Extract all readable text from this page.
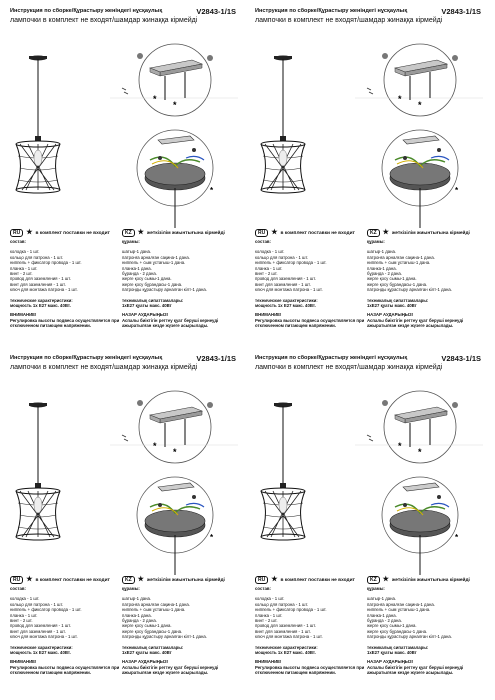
Инструкция по сборке/Құрастыру женіндегі нұсқаулық	V2843-1/1S
лампочки в комплект не входят/шамдар жинаққа кірмейді
*
*
*
RU ★ в комплект поставки не входит	KZ ★ жеткізілім жиынтығына кірмейді
состав:
колодка - 1 шт.
кольцо для патрона - 1 шт.
ниппель + фиксатор провода - 1 шт.
планка - 1 шт.
винт - 2 шт.
провод для заземления - 1 шт.
винт для заземления - 1 шт.
ключ для монтажа патрона - 1 шт.
технические характеристики:
мощность 1x E27 макс. 40Вт.
ВНИМАНИЕ!
Регулировка высоты подвеса осуществляется при отключенном питающем напряжении.
құрамы:
шатыр-1 дана.
патронға арналған сақина-1 дана.
ниппель + сым ұстағыш-1 дана.
планка-1 дана.
бұранда - 2 дана.
жерге қосу сымы-1 дана.
жерге қосу бұрандасы-1 дана.
патронды құрастыру арналған кілт-1 дана.
техникалық сипаттамалары:
1хЕ27 қуаты макс. 40Вт
НАЗАР АУДАРЫҢЫЗ!
Аспалы биіктігін реттеу қуат беруші кернеуді ажыратылған кезде жүзеге асырылады.
Инструкция по сборке/Құрастыру женіндегі нұсқаулық	V2843-1/1S
лампочки в комплект не входят/шамдар жинаққа кірмейді
*
*
*
RU ★ в комплект поставки не входит	KZ ★ жеткізілім жиынтығына кірмейді
состав:
колодка - 1 шт.
кольцо для патрона - 1 шт.
ниппель + фиксатор провода - 1 шт.
планка - 1 шт.
винт - 2 шт.
провод для заземления - 1 шт.
винт для заземления - 1 шт.
ключ для монтажа патрона - 1 шт.
технические характеристики:
мощность 1x E27 макс. 40Вт.
ВНИМАНИЕ!
Регулировка высоты подвеса осуществляется при отключенном питающем напряжении.
құрамы:
шатыр-1 дана.
патронға арналған сақина-1 дана.
ниппель + сым ұстағыш-1 дана.
планка-1 дана.
бұранда - 2 дана.
жерге қосу сымы-1 дана.
жерге қосу бұрандасы-1 дана.
патронды құрастыру арналған кілт-1 дана.
техникалық сипаттамалары:
1хЕ27 қуаты макс. 40Вт
НАЗАР АУДАРЫҢЫЗ!
Аспалы биіктігін реттеу қуат беруші кернеуді ажыратылған кезде жүзеге асырылады.
Инструкция по сборке/Құрастыру женіндегі нұсқаулық	V2843-1/1S
лампочки в комплект не входят/шамдар жинаққа кірмейді
*
*
*
RU ★ в комплект поставки не входит	KZ ★ жеткізілім жиынтығына кірмейді
состав:
колодка - 1 шт.
кольцо для патрона - 1 шт.
ниппель + фиксатор провода - 1 шт.
планка - 1 шт.
винт - 2 шт.
провод для заземления - 1 шт.
винт для заземления - 1 шт.
ключ для монтажа патрона - 1 шт.
технические характеристики:
мощность 1x E27 макс. 40Вт.
ВНИМАНИЕ!
Регулировка высоты подвеса осуществляется при отключенном питающем напряжении.
құрамы:
шатыр-1 дана.
патронға арналған сақина-1 дана.
ниппель + сым ұстағыш-1 дана.
планка-1 дана.
бұранда - 2 дана.
жерге қосу сымы-1 дана.
жерге қосу бұрандасы-1 дана.
патронды құрастыру арналған кілт-1 дана.
техникалық сипаттамалары:
1хЕ27 қуаты макс. 40Вт
НАЗАР АУДАРЫҢЫЗ!
Аспалы биіктігін реттеу қуат беруші кернеуді ажыратылған кезде жүзеге асырылады.
Инструкция по сборке/Құрастыру женіндегі нұсқаулық	V2843-1/1S
лампочки в комплект не входят/шамдар жинаққа кірмейді
*
*
*
RU ★ в комплект поставки не входит	KZ ★ жеткізілім жиынтығына кірмейді
состав:
колодка - 1 шт.
кольцо для патрона - 1 шт.
ниппель + фиксатор провода - 1 шт.
планка - 1 шт.
винт - 2 шт.
провод для заземления - 1 шт.
винт для заземления - 1 шт.
ключ для монтажа патрона - 1 шт.
технические характеристики:
мощность 1x E27 макс. 40Вт.
ВНИМАНИЕ!
Регулировка высоты подвеса осуществляется при отключенном питающем напряжении.
құрамы:
шатыр-1 дана.
патронға арналған сақина-1 дана.
ниппель + сым ұстағыш-1 дана.
планка-1 дана.
бұранда - 2 дана.
жерге қосу сымы-1 дана.
жерге қосу бұрандасы-1 дана.
патронды құрастыру арналған кілт-1 дана.
техникалық сипаттамалары:
1хЕ27 қуаты макс. 40Вт
НАЗАР АУДАРЫҢЫЗ!
Аспалы биіктігін реттеу қуат беруші кернеуді ажыратылған кезде жүзеге асырылады.
